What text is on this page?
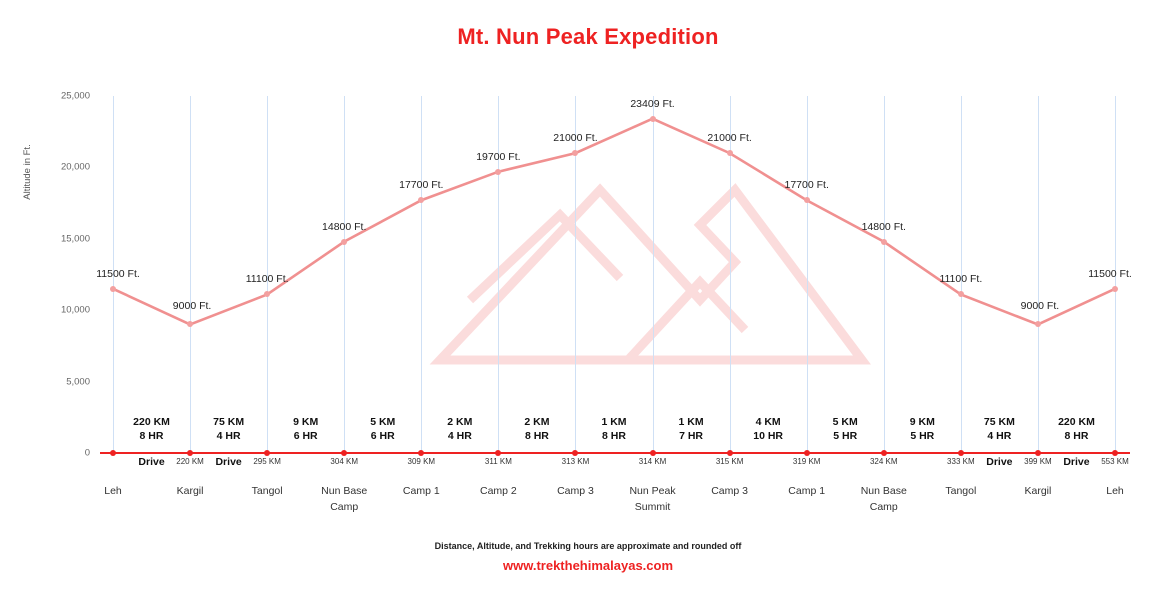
Mt. Nun Peak Expedition
Altitude in Ft.
0
5,000
10,000
15,000
20,000
25,000
Distance, Altitude, and Trekking hours are approximate and rounded off
www.trekthehimalayas.com
11500 Ft.
9000 Ft.
11100 Ft.
14800 Ft.
17700 Ft.
19700 Ft.
21000 Ft.
23409 Ft.
21000 Ft.
17700 Ft.
14800 Ft.
11100 Ft.
9000 Ft.
11500 Ft.
220 KM
8 HR
75 KM
4 HR
9 KM
6 HR
5 KM
6 HR
2 KM
4 HR
2 KM
8 HR
1 KM
8 HR
1 KM
7 HR
4 KM
10 HR
5 KM
5 HR
9 KM
5 HR
75 KM
4 HR
220 KM
8 HR
220 KM	295 KM	304 KM	309 KM	311 KM	313 KM	314 KM	315 KM	319 KM	324 KM	333 KM	399 KM	553 KM
Drive	Drive	Drive	Drive
Leh	Kargil	Tangol	Nun Base
Camp
Camp 1	Camp 2	Camp 3	Nun Peak
Summit
Camp 3	Camp 1	Nun Base
Camp
Tangol	Kargil	Leh
